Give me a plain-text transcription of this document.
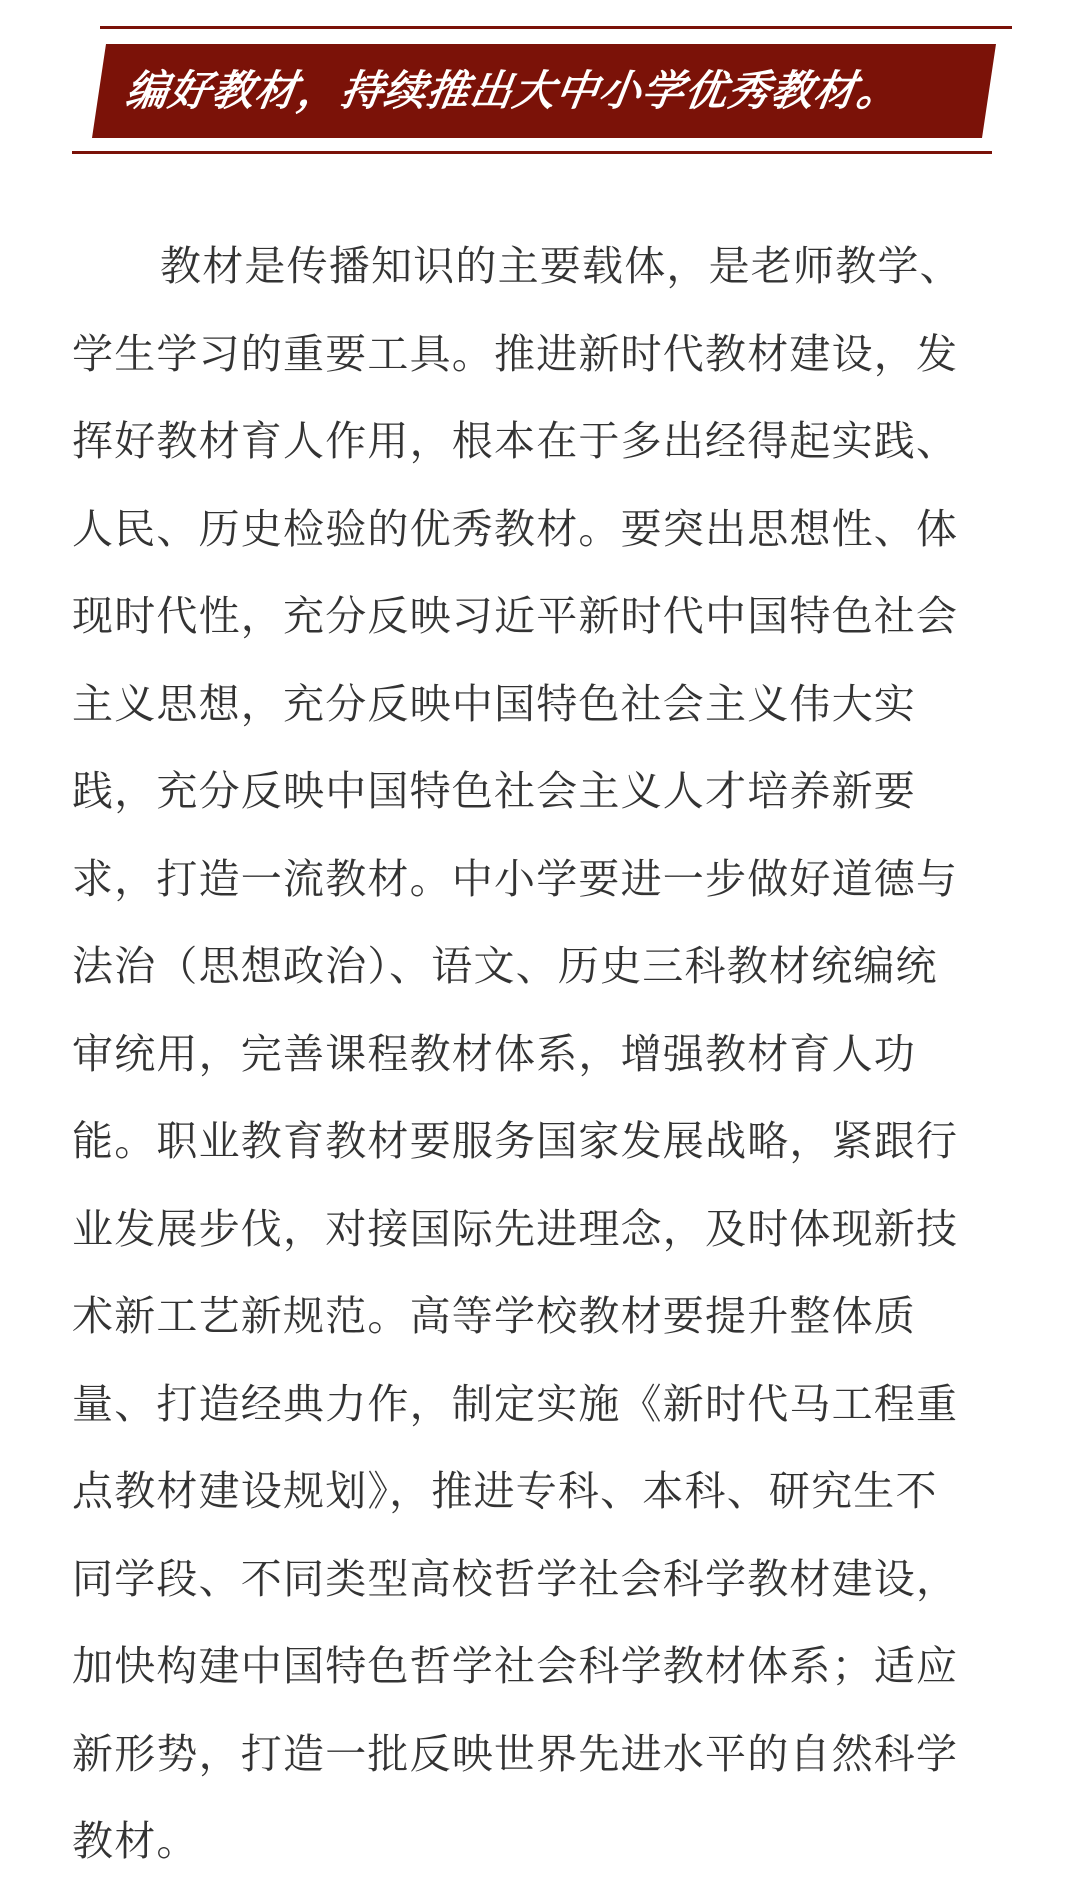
编好教材，持续推出大中小学优秀教材。

教材是传播知识的主要载体，是老师教学、
学生学习的重要工具。推进新时代教材建设，发
挥好教材育人作用，根本在于多出经得起实践、
人民、历史检验的优秀教材。要突出思想性、体
现时代性，充分反映习近平新时代中国特色社会
主义思想，充分反映中国特色社会主义伟大实
践，充分反映中国特色社会主义人才培养新要
求，打造一流教材。中小学要进一步做好道德与
法治（思想政治）、语文、历史三科教材统编统
审统用，完善课程教材体系，增强教材育人功
能。职业教育教材要服务国家发展战略，紧跟行
业发展步伐，对接国际先进理念，及时体现新技
术新工艺新规范。高等学校教材要提升整体质
量、打造经典力作，制定实施《新时代马工程重
点教材建设规划》，推进专科、本科、研究生不
同学段、不同类型高校哲学社会科学教材建设，
加快构建中国特色哲学社会科学教材体系；适应
新形势，打造一批反映世界先进水平的自然科学
教材。
